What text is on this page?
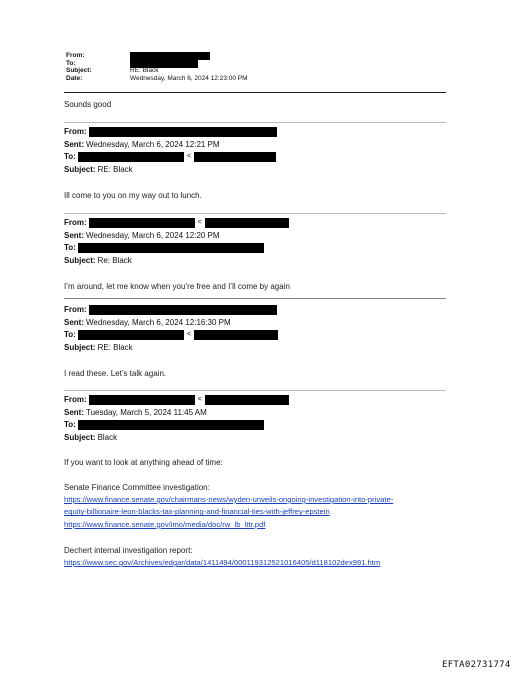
From:
To:
Subject:	RE: Black
Date:	Wednesday, March 6, 2024 12:23:00 PM
Sounds good
From:
Sent: Wednesday, March 6, 2024 12:21 PM
To:	<
Subject: RE: Black
Ill come to you on my way out to lunch.
From:	<
Sent: Wednesday, March 6, 2024 12:20 PM
To:
Subject: Re: Black
I’m around, let me know when you’re free and I’ll come by again
From:
Sent: Wednesday, March 6, 2024 12:16:30 PM
To:	<
Subject: RE: Black
I read these. Let’s talk again.
From:	<
Sent: Tuesday, March 5, 2024 11:45 AM
To:
Subject: Black
If you want to look at anything ahead of time:
Senate Finance Committee investigation:
https://www.finance.senate.gov/chairmans-news/wyden-unveils-ongoing-investigation-into-private-
equity-billionaire-leon-blacks-tax-planning-and-financial-ties-with-jeffrey-epstein
https://www.finance.senate.gov/imo/media/doc/rw_lb_lttr.pdf
Dechert internal investigation report:
https://www.sec.gov/Archives/edgar/data/1411494/000119312521016405/d118102dex991.htm
EFTA02731774
